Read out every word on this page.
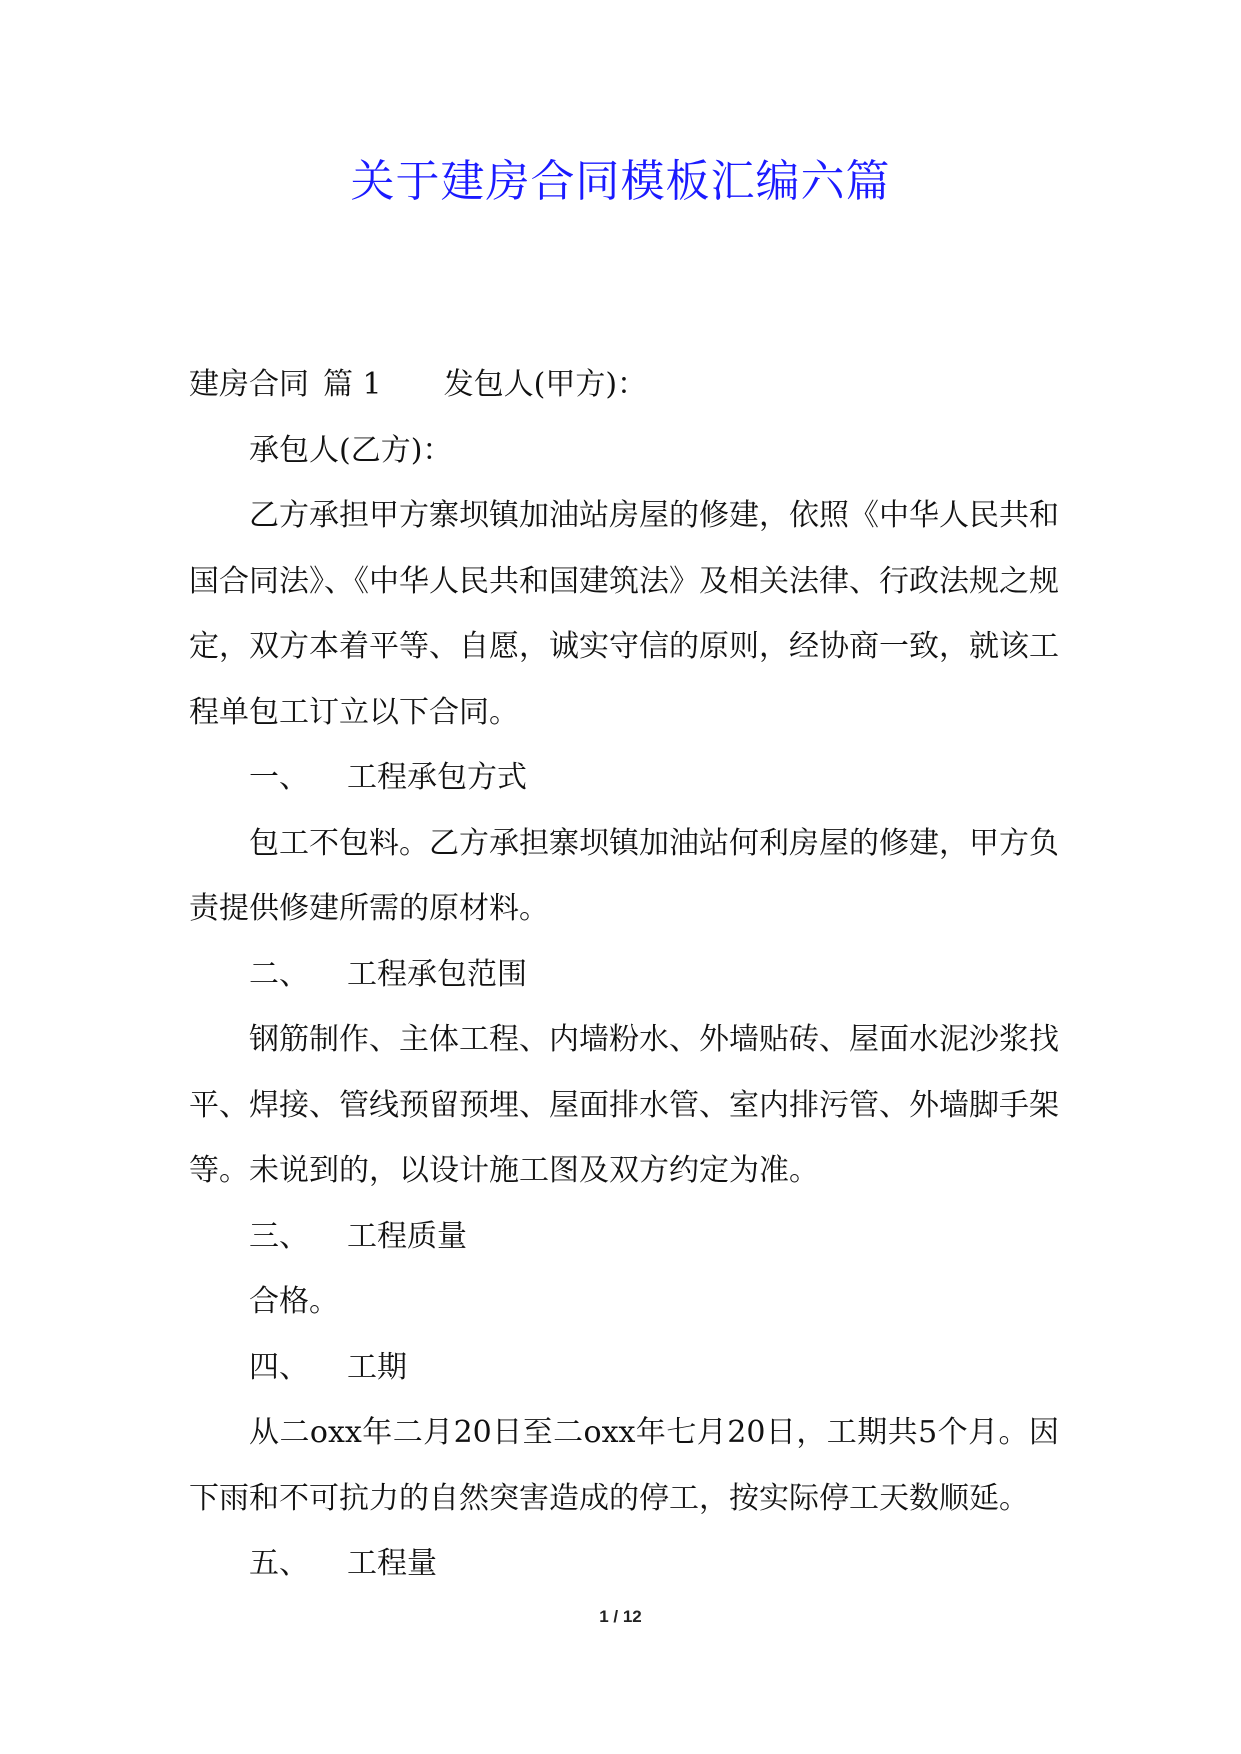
关于建房合同模板汇编六篇

建房合同 篇 1 发包人(甲方)：

承包人(乙方)：

乙方承担甲方寨坝镇加油站房屋的修建，依照《中华人民共和国合同法》、《中华人民共和国建筑法》及相关法律、行政法规之规定，双方本着平等、自愿，诚实守信的原则，经协商一致，就该工程单包工订立以下合同。

一、 工程承包方式

包工不包料。乙方承担寨坝镇加油站何利房屋的修建，甲方负责提供修建所需的原材料。

二、 工程承包范围

钢筋制作、主体工程、内墙粉水、外墙贴砖、屋面水泥沙浆找平、焊接、管线预留预埋、屋面排水管、室内排污管、外墙脚手架等。未说到的，以设计施工图及双方约定为准。

三、 工程质量

合格。

四、 工期

从二oxx年二月20日至二oxx年七月20日，工期共5个月。因下雨和不可抗力的自然突害造成的停工，按实际停工天数顺延。

五、 工程量

1 / 12
